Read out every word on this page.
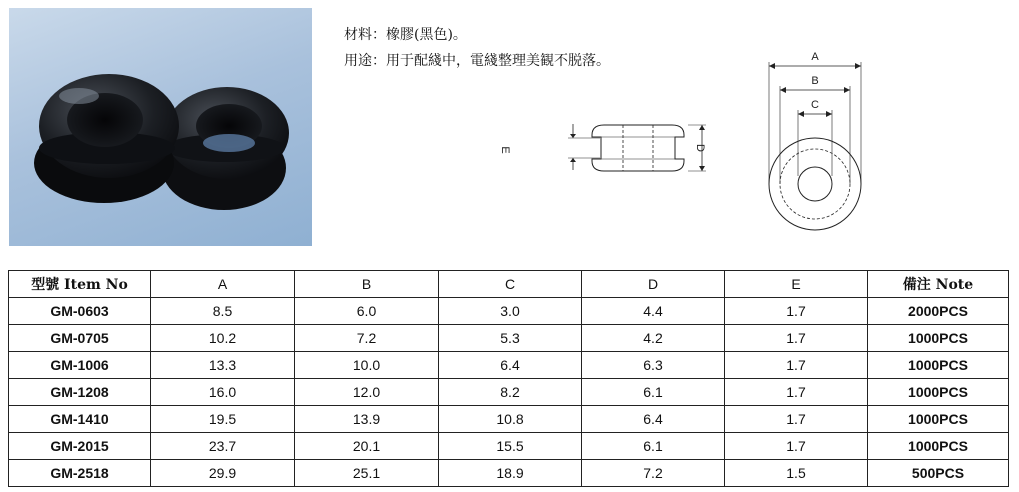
材料：橡膠(黑色)。
用途：用于配綫中，電綫整理美観不脱落。
E	D
A
B
C
型號 Item No	A	B	C	D	E	備注 Note
GM-0603	8.5	6.0	3.0	4.4	1.7	2000PCS
GM-0705	10.2	7.2	5.3	4.2	1.7	1000PCS
GM-1006	13.3	10.0	6.4	6.3	1.7	1000PCS
GM-1208	16.0	12.0	8.2	6.1	1.7	1000PCS
GM-1410	19.5	13.9	10.8	6.4	1.7	1000PCS
GM-2015	23.7	20.1	15.5	6.1	1.7	1000PCS
GM-2518	29.9	25.1	18.9	7.2	1.5	500PCS
